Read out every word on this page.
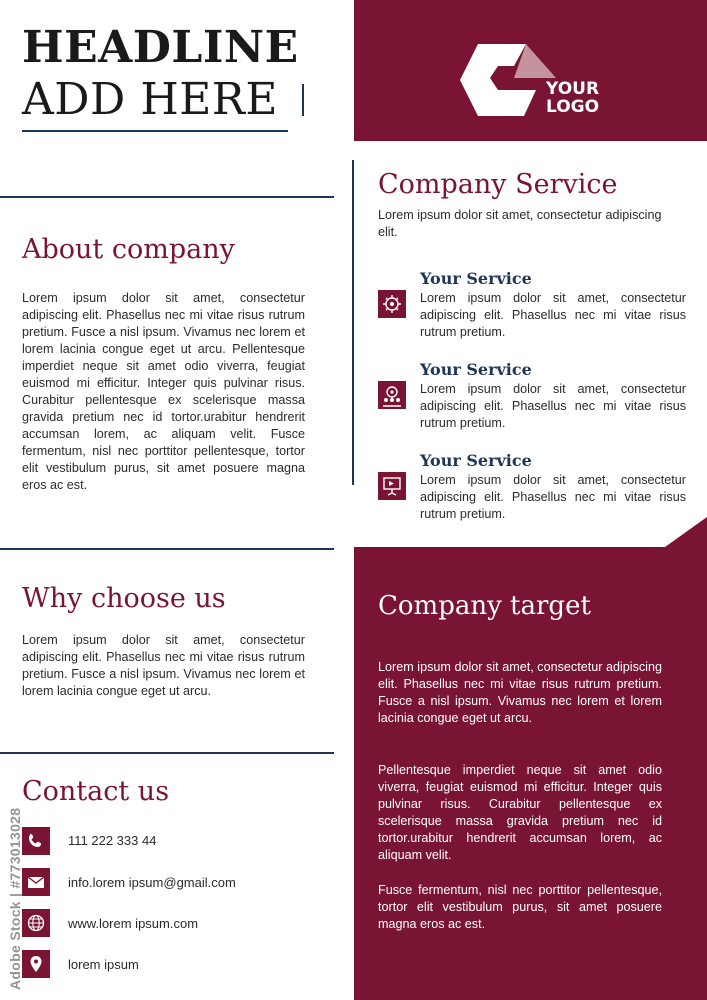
HEADLINE
ADD HERE	YOUR
LOGO
About company
Lorem ipsum dolor sit amet, consectetur adipiscing elit. Phasellus nec mi vitae risus rutrum pretium. Fusce a nisl ipsum. Vivamus nec lorem et lorem lacinia congue eget ut arcu. Pellentesque imperdiet neque sit amet odio viverra, feugiat euismod mi efficitur. Integer quis pulvinar risus. Curabitur pellentesque ex scelerisque massa gravida pretium nec id tortor.urabitur hendrerit accumsan lorem, ac aliquam velit. Fusce fermentum, nisl nec porttitor pellentesque, tortor elit vestibulum purus, sit amet posuere magna eros ac est.
Company Service
Lorem ipsum dolor sit amet, consectetur adipiscing elit.
Your Service
Lorem ipsum dolor sit amet, consectetur adipiscing elit. Phasellus nec mi vitae risus rutrum pretium.
Your Service
Lorem ipsum dolor sit amet, consectetur adipiscing elit. Phasellus nec mi vitae risus rutrum pretium.
Your Service
Lorem ipsum dolor sit amet, consectetur adipiscing elit. Phasellus nec mi vitae risus rutrum pretium.
Why choose us
Lorem ipsum dolor sit amet, consectetur adipiscing elit. Phasellus nec mi vitae risus rutrum pretium. Fusce a nisl ipsum. Vivamus nec lorem et lorem lacinia congue eget ut arcu.
Company target
Lorem ipsum dolor sit amet, consectetur adipiscing elit. Phasellus nec mi vitae risus rutrum pretium. Fusce a nisl ipsum. Vivamus nec lorem et lorem lacinia congue eget ut arcu.
Pellentesque imperdiet neque sit amet odio viverra, feugiat euismod mi efficitur. Integer quis pulvinar risus. Curabitur pellentesque ex scelerisque massa gravida pretium nec id tortor.urabitur hendrerit accumsan lorem, ac aliquam velit.
Fusce fermentum, nisl nec porttitor pellentesque, tortor elit vestibulum purus, sit amet posuere magna eros ac est.
Contact us
111 222 333 44
info.lorem ipsum@gmail.com
www.lorem ipsum.com
lorem ipsum
Adobe Stock | #773013028
